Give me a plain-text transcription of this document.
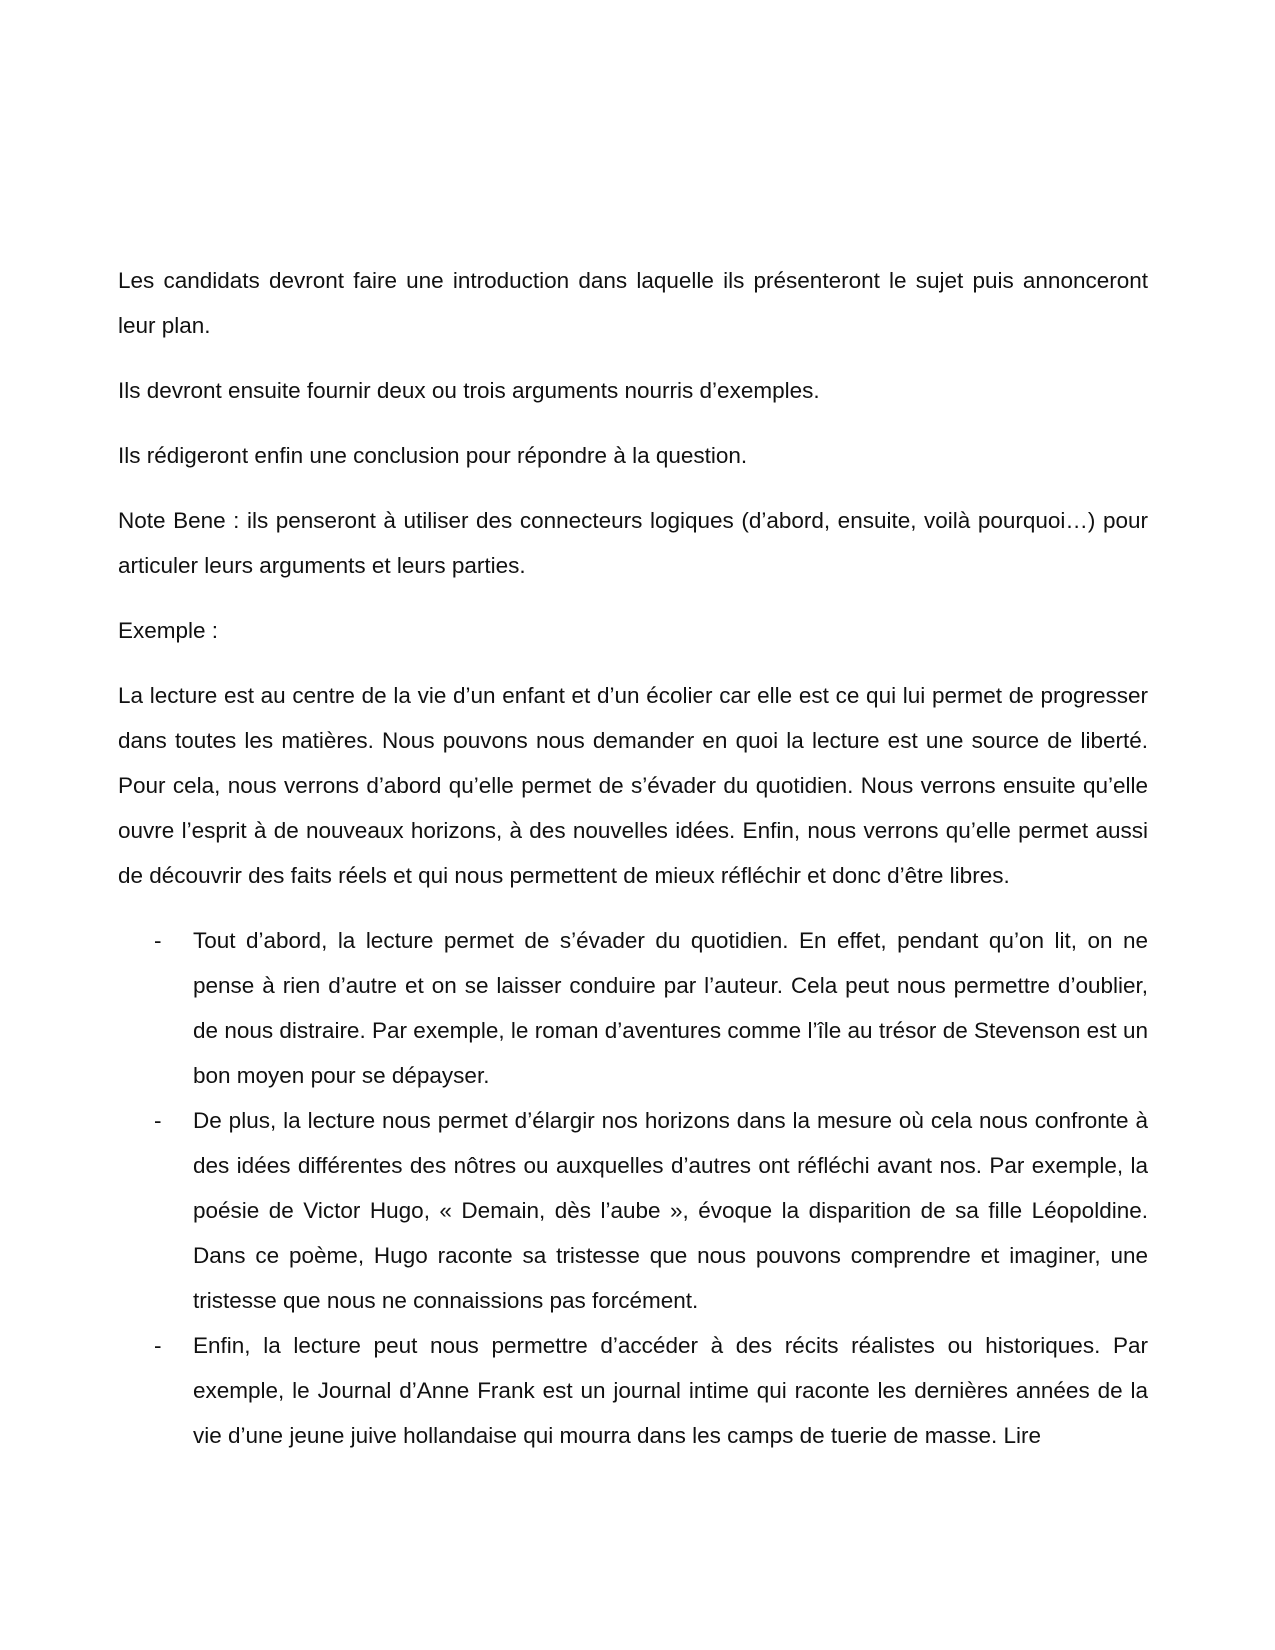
Les candidats devront faire une introduction dans laquelle ils présenteront le sujet puis annonceront leur plan.

Ils devront ensuite fournir deux ou trois arguments nourris d’exemples.

Ils rédigeront enfin une conclusion pour répondre à la question.

Note Bene : ils penseront à utiliser des connecteurs logiques (d’abord, ensuite, voilà pourquoi…) pour articuler leurs arguments et leurs parties.

Exemple :

La lecture est au centre de la vie d’un enfant et d’un écolier car elle est ce qui lui permet de progresser dans toutes les matières. Nous pouvons nous demander en quoi la lecture est une source de liberté. Pour cela, nous verrons d’abord qu’elle permet de s’évader du quotidien. Nous verrons ensuite qu’elle ouvre l’esprit à de nouveaux horizons, à des nouvelles idées. Enfin, nous verrons qu’elle permet aussi de découvrir des faits réels et qui nous permettent de mieux réfléchir et donc d’être libres.

- Tout d’abord, la lecture permet de s’évader du quotidien. En effet, pendant qu’on lit, on ne pense à rien d’autre et on se laisser conduire par l’auteur. Cela peut nous permettre d’oublier, de nous distraire. Par exemple, le roman d’aventures comme l’île au trésor de Stevenson est un bon moyen pour se dépayser.
- De plus, la lecture nous permet d’élargir nos horizons dans la mesure où cela nous confronte à des idées différentes des nôtres ou auxquelles d’autres ont réfléchi avant nos. Par exemple, la poésie de Victor Hugo, « Demain, dès l’aube », évoque la disparition de sa fille Léopoldine. Dans ce poème, Hugo raconte sa tristesse que nous pouvons comprendre et imaginer, une tristesse que nous ne connaissions pas forcément.
- Enfin, la lecture peut nous permettre d’accéder à des récits réalistes ou historiques. Par exemple, le Journal d’Anne Frank est un journal intime qui raconte les dernières années de la vie d’une jeune juive hollandaise qui mourra dans les camps de tuerie de masse. Lire
